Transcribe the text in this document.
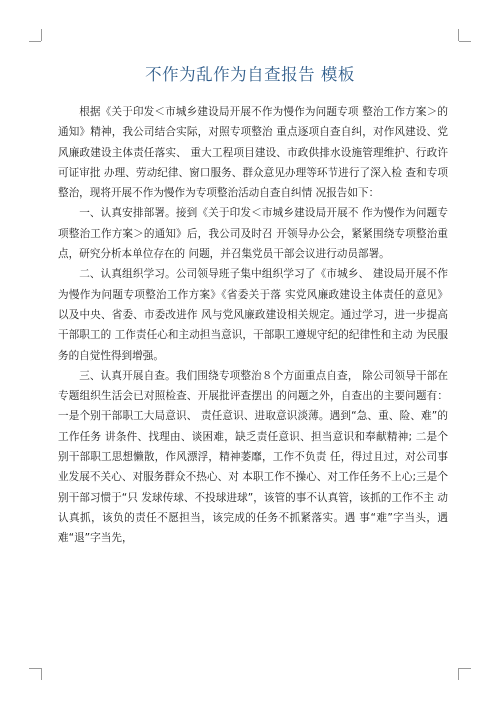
不作为乱作为自查报告 模板

根据《关于印发＜市城乡建设局开展不作为慢作为问题专项 整治工作方案＞的通知》精神，我公司结合实际，对照专项整治 重点逐项自查自纠，对作风建设、党风廉政建设主体责任落实、 重大工程项目建设、市政供排水设施管理维护、行政许可证审批 办理、劳动纪律、窗口服务、群众意见办理等环节进行了深入检 查和专项整治，现将开展不作为慢作为专项整治活动自查自纠情 况报告如下：

一、认真安排部署。接到《关于印发＜市城乡建设局开展不 作为慢作为问题专项整治工作方案＞的通知》后，我公司及时召 开领导办公会，紧紧围绕专项整治重点，研究分析本单位存在的 问题，并召集党员干部会议进行动员部署。

二、认真组织学习。公司领导班子集中组织学习了《市城乡、 建设局开展不作为慢作为问题专项整治工作方案》《省委关于落 实党风廉政建设主体责任的意见》以及中央、省委、市委改进作 风与党风廉政建设相关规定。通过学习，进一步提高干部职工的 工作责任心和主动担当意识，干部职工遵规守纪的纪律性和主动 为民服务的自觉性得到增强。

三、认真开展自查。我们围绕专项整治８个方面重点自查， 除公司领导干部在专题组织生活会已对照检查、开展批评查摆出 的问题之外，自查出的主要问题有：一是个别干部职工大局意识、 责任意识、进取意识淡薄。遇到“急、重、险、难”的工作任务 讲条件、找理由、谈困难，缺乏责任意识、担当意识和奉献精神; 二是个别干部职工思想懒散，作风漂浮，精神萎靡，工作不负责 任，得过且过，对公司事业发展不关心、对服务群众不热心、对 本职工作不操心、对工作任务不上心;三是个别干部习惯于“只 发球传球、不投球进球”，该管的事不认真管，该抓的工作不主 动认真抓，该负的责任不愿担当，该完成的任务不抓紧落实。遇 事“难”字当头，遇难“退”字当先，
